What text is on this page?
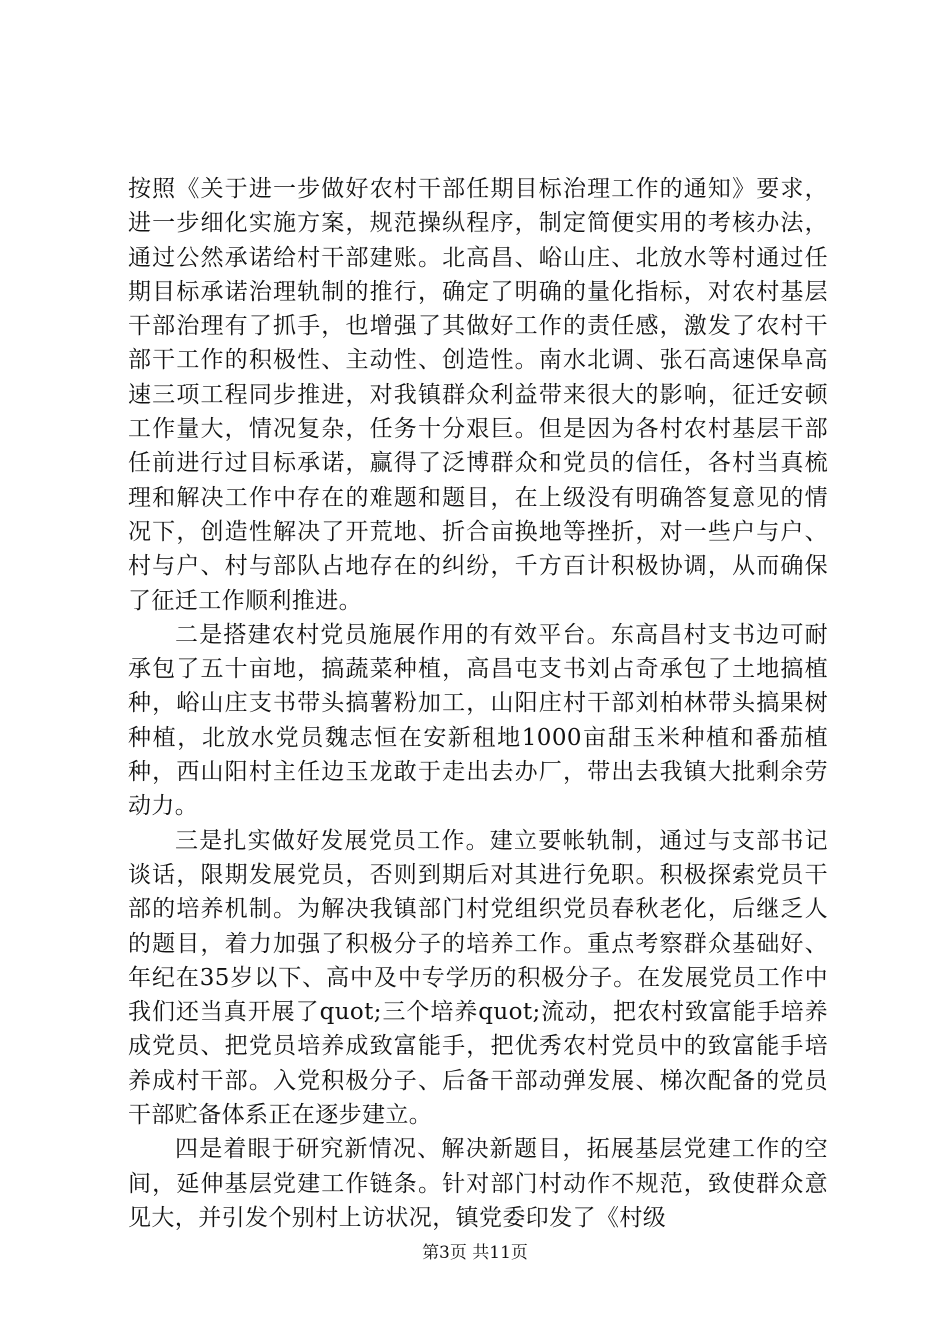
按照《关于进一步做好农村干部任期目标治理工作的通知》要求，进一步细化实施方案，规范操纵程序，制定简便实用的考核办法，通过公然承诺给村干部建账。北高昌、峪山庄、北放水等村通过任期目标承诺治理轨制的推行，确定了明确的量化指标，对农村基层干部治理有了抓手，也增强了其做好工作的责任感，激发了农村干部干工作的积极性、主动性、创造性。南水北调、张石高速保阜高速三项工程同步推进，对我镇群众利益带来很大的影响，征迁安顿工作量大，情况复杂，任务十分艰巨。但是因为各村农村基层干部任前进行过目标承诺，赢得了泛博群众和党员的信任，各村当真梳理和解决工作中存在的难题和题目，在上级没有明确答复意见的情况下，创造性解决了开荒地、折合亩换地等挫折，对一些户与户、村与户、村与部队占地存在的纠纷，千方百计积极协调，从而确保了征迁工作顺利推进。

二是搭建农村党员施展作用的有效平台。东高昌村支书边可耐承包了五十亩地，搞蔬菜种植，高昌屯支书刘占奇承包了土地搞植种，峪山庄支书带头搞薯粉加工，山阳庄村干部刘柏林带头搞果树种植，北放水党员魏志恒在安新租地1000亩甜玉米种植和番茄植种，西山阳村主任边玉龙敢于走出去办厂，带出去我镇大批剩余劳动力。

三是扎实做好发展党员工作。建立要帐轨制，通过与支部书记谈话，限期发展党员，否则到期后对其进行免职。积极探索党员干部的培养机制。为解决我镇部门村党组织党员春秋老化，后继乏人的题目，着力加强了积极分子的培养工作。重点考察群众基础好、年纪在35岁以下、高中及中专学历的积极分子。在发展党员工作中我们还当真开展了quot;三个培养quot;流动，把农村致富能手培养成党员、把党员培养成致富能手，把优秀农村党员中的致富能手培养成村干部。入党积极分子、后备干部动弹发展、梯次配备的党员干部贮备体系正在逐步建立。

四是着眼于研究新情况、解决新题目，拓展基层党建工作的空间，延伸基层党建工作链条。针对部门村动作不规范，致使群众意见大，并引发个别村上访状况，镇党委印发了《村级

第3页 共11页
